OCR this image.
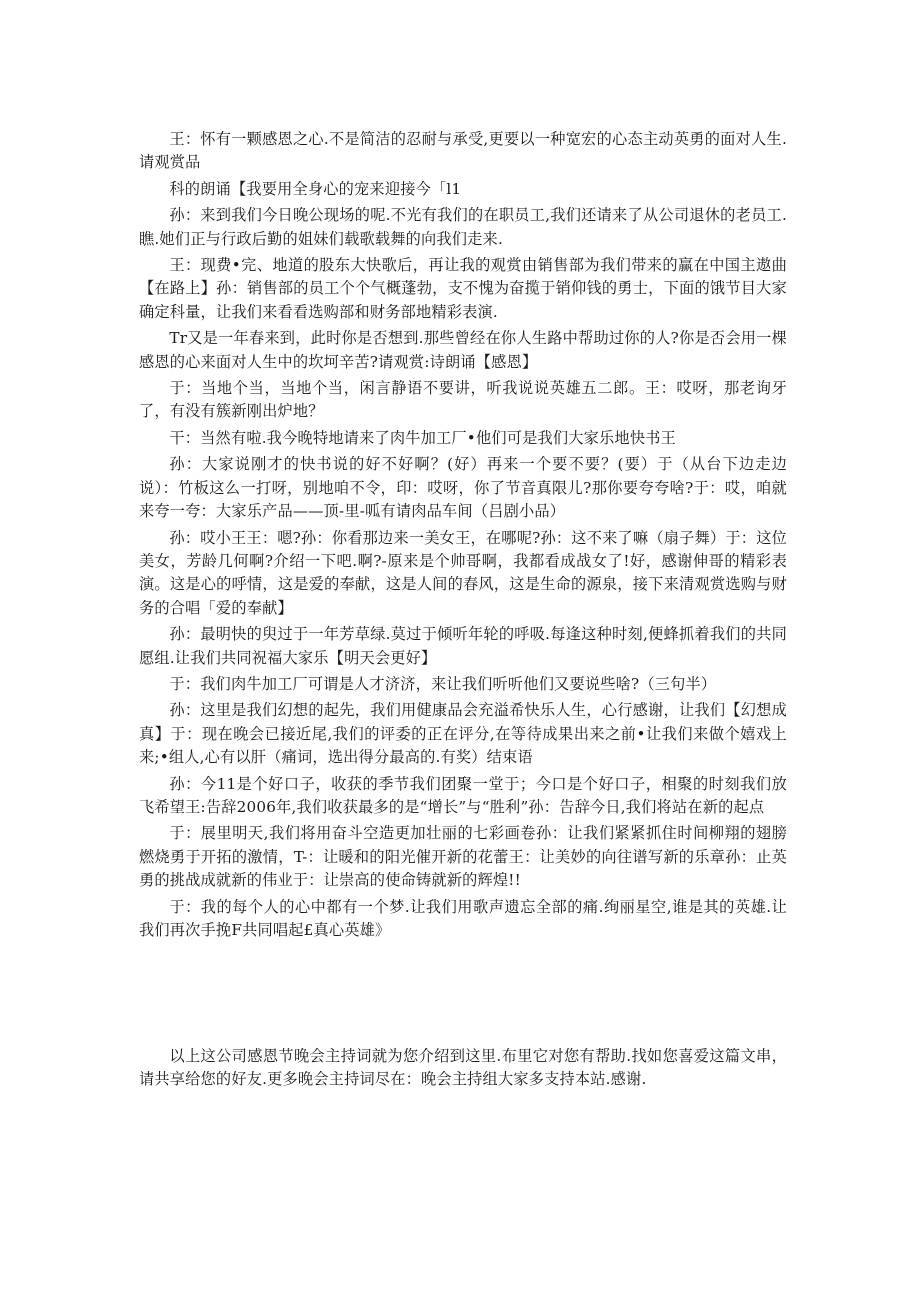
王：怀有一颗感恩之心.不是简洁的忍耐与承受,更要以一种宽宏的心态主动英勇的面对人生.请观赏品

科的朗诵【我要用全身心的宠来迎接今「l1

孙：来到我们今日晚公现场的呢.不光有我们的在职员工,我们还请来了从公司退休的老员工.瞧.她们正与行政后勤的姐妹们载歌载舞的向我们走来.

王：现费•完、地道的股东大快歌后，再让我的观赏由销售部为我们带来的赢在中国主遨曲【在路上】孙：销售部的员工个个气概蓬勃，支不愧为奋揽于销仰钱的勇士，下面的饿节目大家确定科量，让我们来看看选购部和财务部地精彩表演.

Tr又是一年春来到，此时你是否想到.那些曾经在你人生路中帮助过你的人?你是否会用一棵感恩的心来面对人生中的坎坷辛苦?请观赏:诗朗诵【感恩】

于：当地个当，当地个当，闲言静语不要讲，听我说说英雄五二郎。王：哎呀，那老询牙了，有没有簇新刚出炉地？

干：当然有啦.我今晚特地请来了肉牛加工厂•他们可是我们大家乐地快书王

孙：大家说刚才的快书说的好不好啊？(好）再来一个要不要？(要）于（从台下边走边说）：竹板这么一打呀，别地咱不令，印：哎呀，你了节音真限儿?那你要夸夸啥?于：哎，咱就来夸一夸：大家乐产品——顶-里-呱有请肉品车间（吕剧小品）

孙：哎小王王：嗯?孙：你看那边来一美女王，在哪呢?孙：这不来了嘛（扇子舞）于：这位美女，芳龄几何啊?介绍一下吧.啊?-原来是个帅哥啊，我都看成战女了!好，感谢伸哥的精彩表演。这是心的呼情，这是爱的奉献，这是人间的春风，这是生命的源泉，接下来清观赏选购与财务的合唱「爱的奉献】

孙：最明快的臾过于一年芳草绿.莫过于倾听年轮的呼吸.每逢这种时刻,便蜂抓着我们的共同愿组.让我们共同祝福大家乐【明天会更好】

于：我们肉牛加工厂可谓是人才济济，来让我们听听他们又要说些啥?（三句半）

孙：这里是我们幻想的起先，我们用健康品会充溢希快乐人生，心行感谢，让我们【幻想成真】于：现在晚会已接近尾,我们的评委的正在评分,在等待成果出来之前•让我们来做个嬉戏上来;•组人,心有以肝（痛词，选出得分最高的.有奖）结束语

孙：今11是个好口子，收获的季节我们团聚一堂于；今口是个好口子，相聚的时刻我们放飞希望王:告辞2006年,我们收获最多的是“增长”与“胜利”孙：告辞今日,我们将站在新的起点

于：展里明天,我们将用奋斗空造更加壮丽的七彩画卷孙：让我们紧紧抓住时间柳翔的翅膀燃烧勇于开拓的激情，T-：让暖和的阳光催开新的花蕾王：让美妙的向往谱写新的乐章孙：止英勇的挑战成就新的伟业于：让崇高的使命铸就新的辉煌!!

于：我的每个人的心中都有一个梦.让我们用歌声遗忘全部的痛.绚丽星空,谁是其的英雄.让我们再次手挽F共同唱起£真心英雄》

以上这公司感恩节晚会主持词就为您介绍到这里.布里它对您有帮助.找如您喜爱这篇文串，请共享给您的好友.更多晚会主持词尽在：晚会主持组大家多支持本站.感谢.
